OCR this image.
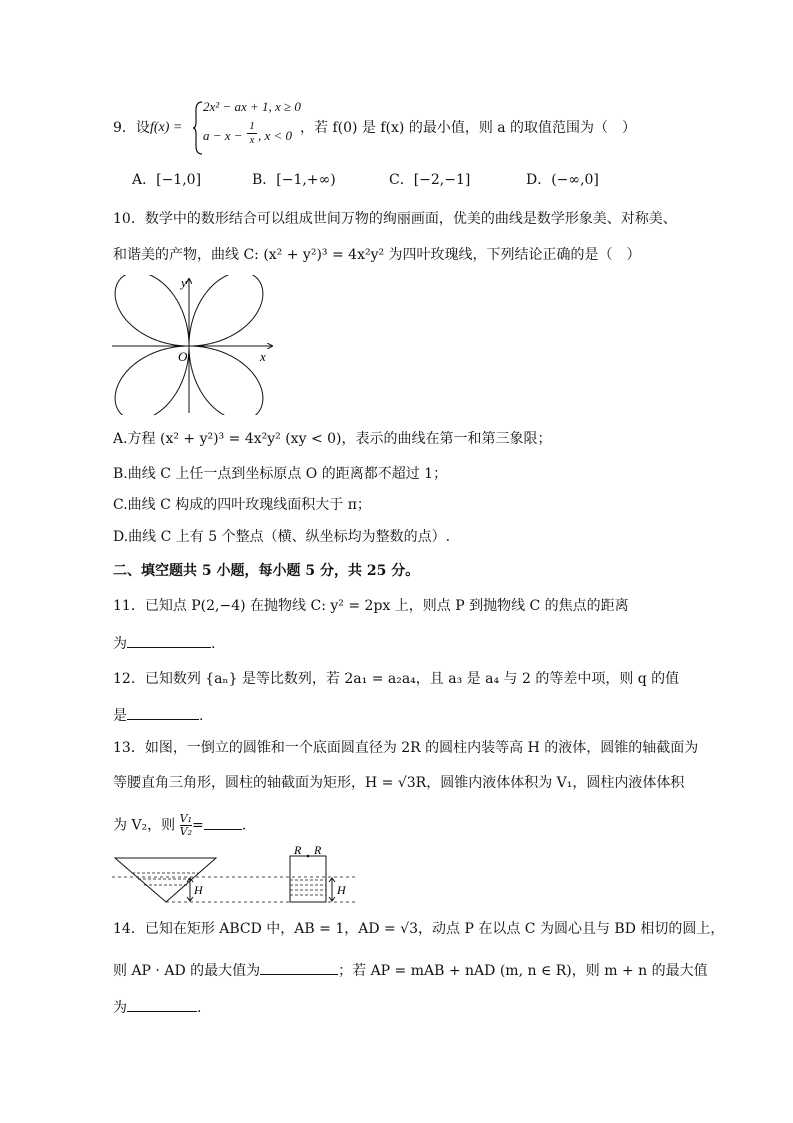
9．设 f(x) =
2x² − ax + 1, x ≥ 0
$a - x - \frac{1}{x}$ , x < 0 ，若 f(0) 是 f(x) 的最小值，则 a 的取值范围为（　）
A．[−1,0]	B．[−1,+∞)	C．[−2,−1]	D．(−∞,0]
10．数学中的数形结合可以组成世间万物的绚丽画面，优美的曲线是数学形象美、对称美、
和谐美的产物，曲线 C: (x² + y²)³ = 4x²y² 为四叶玫瑰线，下列结论正确的是（　）
x
y
O
A.方程 (x² + y²)³ = 4x²y² (xy < 0)，表示的曲线在第一和第三象限；
B.曲线 C 上任一点到坐标原点 O 的距离都不超过 1；
C.曲线 C 构成的四叶玫瑰线面积大于 π；
D.曲线 C 上有 5 个整点（横、纵坐标均为整数的点）.
二、填空题共 5 小题，每小题 5 分，共 25 分。
11．已知点 P(2,−4) 在抛物线 C: y² = 2px 上，则点 P 到抛物线 C 的焦点的距离
为	.
12．已知数列 {aₙ} 是等比数列，若 2a₁ = a₂a₄，且 a₃ 是 a₄ 与 2 的等差中项，则 q 的值
是	.
13．如图，一倒立的圆锥和一个底面圆直径为 2R 的圆柱内装等高 H 的液体，圆锥的轴截面为
等腰直角三角形，圆柱的轴截面为矩形，H = √3R，圆锥内液体体积为 V₁，圆柱内液体体积
为 V₂，则 $\frac{\text{V₁}}{\text{V₂}}$ =	.
H
R R
H
14．已知在矩形 ABCD 中，AB = 1，AD = √3，动点 P 在以点 C 为圆心且与 BD 相切的圆上，
则 AP · AD 的最大值为	；若 AP = mAB + nAD (m, n ∈ R)，则 m + n 的最大值
为	.
